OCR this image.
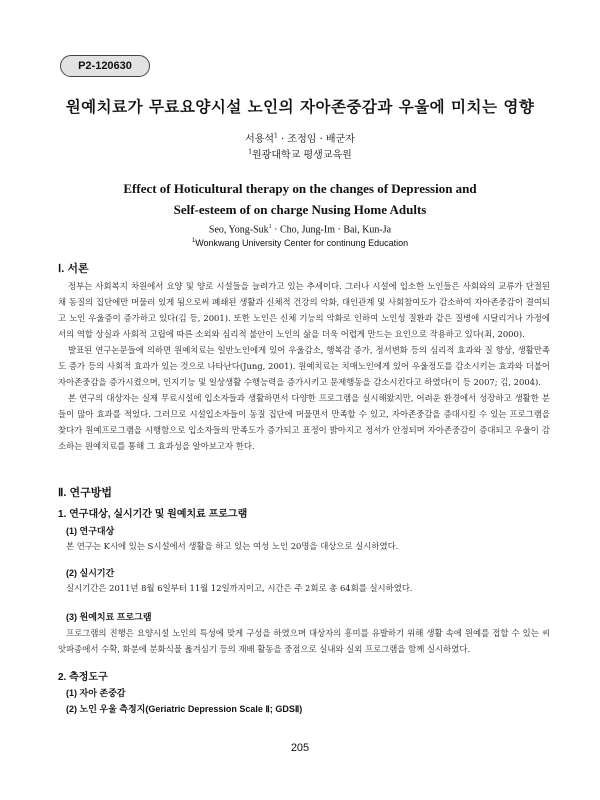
P2-120630
원예치료가 무료요양시설 노인의 자아존중감과 우울에 미치는 영향
서용석$^1$ · 조정임 · 배군자
$^1$원광대학교 평생교육원
Effect of Hoticultural therapy on the changes of Depression and
Self-esteem of on charge Nusing Home Adults
Seo, Yong-Suk$^1$ · Cho, Jung-Im · Bai, Kun-Ja
$^1$Wonkwang University Center for continung Education
Ⅰ. 서론

정부는 사회복지 차원에서 요양 및 양로 시설들을 늘려가고 있는 추세이다. 그러나 시설에 입소한 노인들은 사회와의 교류가 단절된 채 동질의 집단에만 머물러 있게 됨으로써 폐쇄된 생활과 신체적 건강의 악화, 대인관계 및 사회참여도가 감소하여 자아존중감이 결여되고 노인 우울증이 증가하고 있다(김 등, 2001). 또한 노인은 신체 기능의 악화로 인하여 노인성 질환과 같은 질병에 시달리거나 가정에서의 역할 상실과 사회적 고립에 따른 소외와 심리적 불안이 노인의 삶을 더욱 어렵게 만드는 요인으로 작용하고 있다(최, 2000).

발표된 연구논문들에 의하면 원예치료는 일반노인에게 있어 우울감소, 행복감 증가, 정서변화 등의 심리적 효과와 질 향상, 생활만족도 증가 등의 사회적 효과가 있는 것으로 나타난다(Jung, 2001). 원예치료는 치매노인에게 있어 우울정도를 감소시키는 효과와 더불어 자아존중감을 증가시켰으며, 인지기능 및 일상생활 수행능력을 증가시키고 문제행동을 감소시킨다고 하였다(이 등 2007; 김, 2004).

본 연구의 대상자는 실제 무료시설에 입소자들과 생활하면서 다양한 프로그램을 실시해왔지만, 어려운 환경에서 성장하고 생활한 분들이 많아 효과를 적었다. 그러므로 시설입소자들이 동질 집단에 머물면서 만족할 수 있고, 자아존중감을 증대시킬 수 있는 프로그램을 찾다가 원예프로그램을 시행함으로 입소자들의 만족도가 증가되고 표정이 밝아지고 정서가 안정되며 자아존중감이 증대되고 우울이 감소하는 원예치료를 통해 그 효과성을 알아보고자 한다.

Ⅱ. 연구방법
1. 연구대상, 실시기간 및 원예치료 프로그램
(1) 연구대상
본 연구는 K시에 있는 S시설에서 생활을 하고 있는 여성 노인 20명을 대상으로 실시하였다.
(2) 실시기간
실시기간은 2011년 8월 6일부터 11월 12일까지이고, 시간은 주 2회로 총 64회를 실시하였다.
(3) 원예치료 프로그램

프로그램의 진행은 요양시설 노인의 특성에 맞게 구성을 하였으며 대상자의 흥미를 유발하기 위해 생활 속에 원예를 접할 수 있는 씨앗파종에서 수확, 화분에 분화식물 옮겨심기 등의 재배 활동을 중점으로 실내와 실외 프로그램을 함께 실시하였다.

2. 측정도구
(1) 자아 존중감
(2) 노인 우울 측정지(Geriatric Depression Scale Ⅱ; GDSⅡ)
205
